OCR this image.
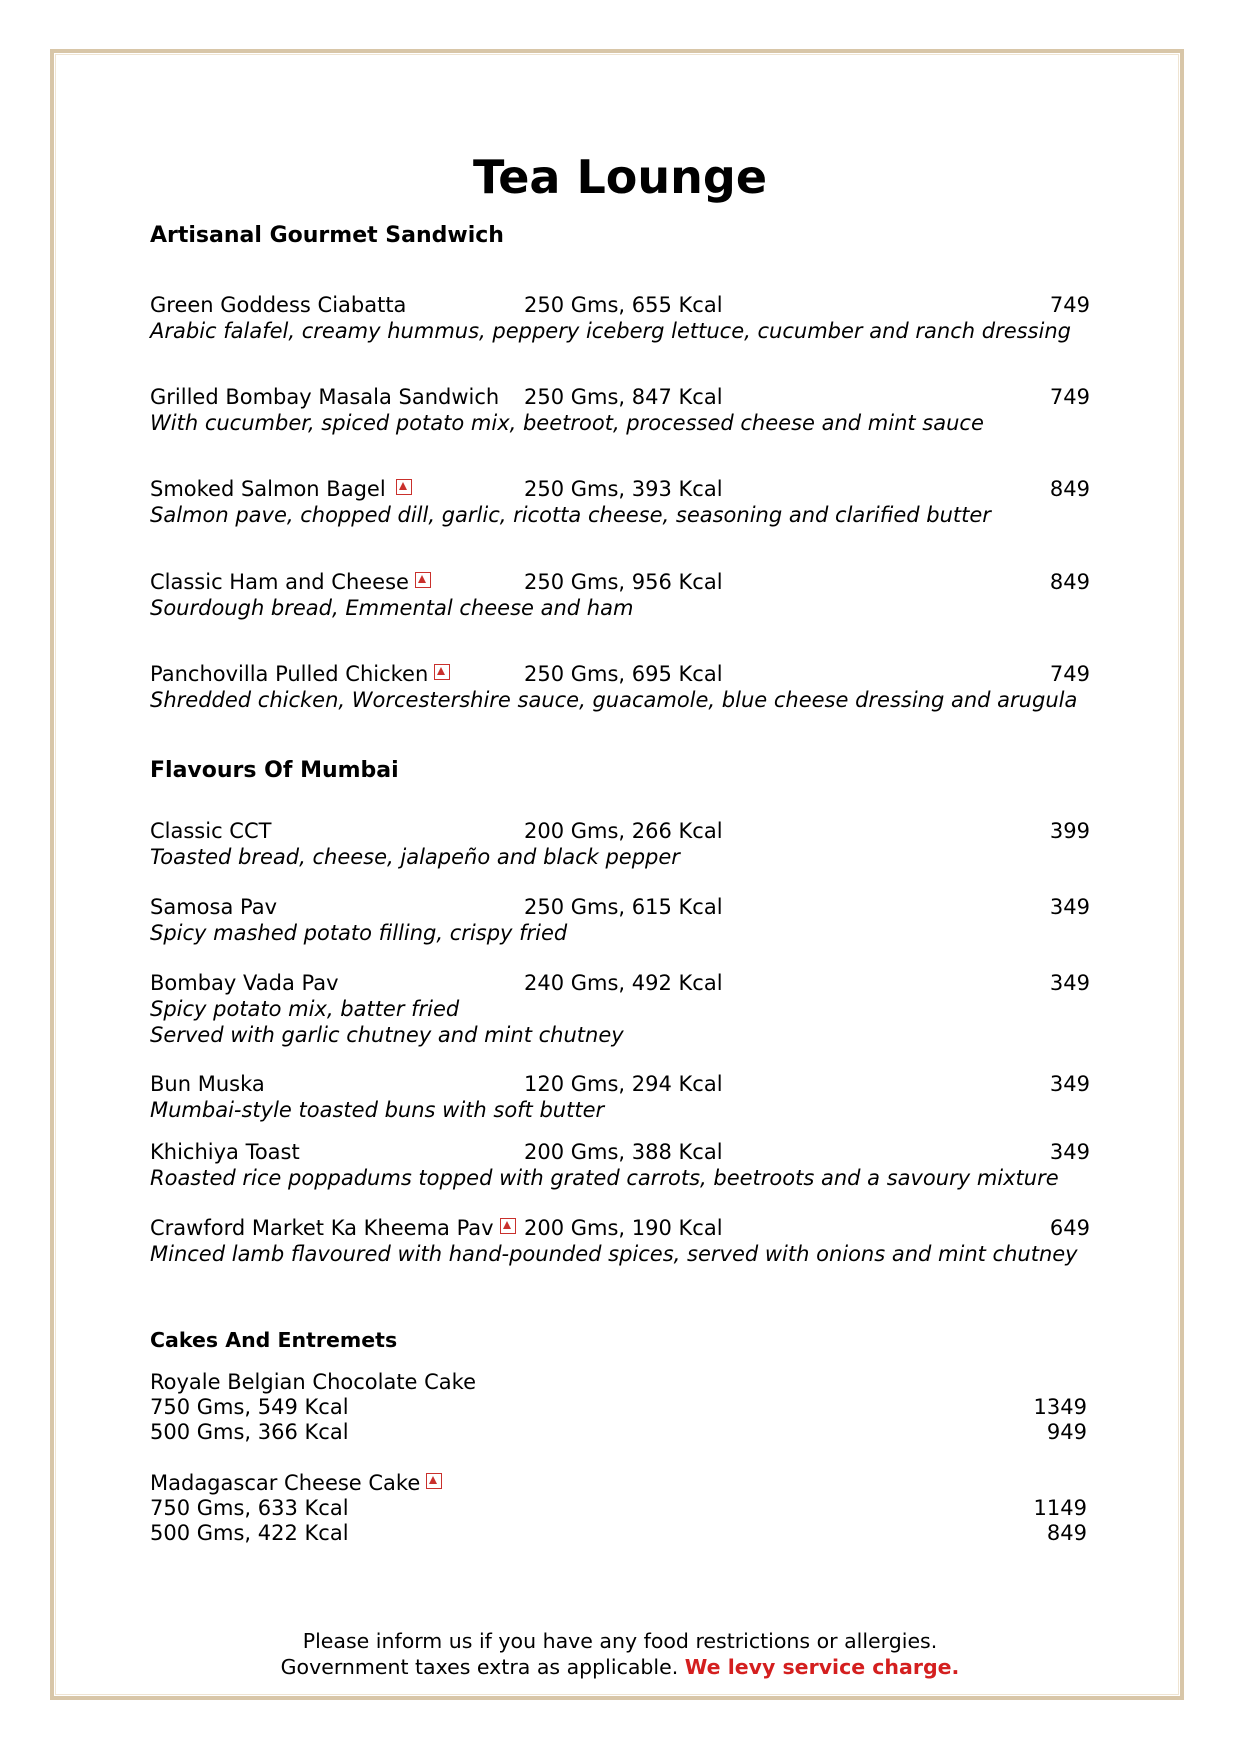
Tea Lounge
Artisanal Gourmet Sandwich
Green Goddess Ciabatta	250 Gms, 655 Kcal	749
Arabic falafel, creamy hummus, peppery iceberg lettuce, cucumber and ranch dressing
Grilled Bombay Masala Sandwich 250 Gms, 847 Kcal	749
With cucumber, spiced potato mix, beetroot, processed cheese and mint sauce
Smoked Salmon Bagel	250 Gms, 393 Kcal	849
Salmon pave, chopped dill, garlic, ricotta cheese, seasoning and clarified butter
Classic Ham and Cheese	250 Gms, 956 Kcal	849
Sourdough bread, Emmental cheese and ham
Panchovilla Pulled Chicken	250 Gms, 695 Kcal	749
Shredded chicken, Worcestershire sauce, guacamole, blue cheese dressing and arugula
Flavours Of Mumbai
Classic CCT	200 Gms, 266 Kcal	399
Toasted bread, cheese, jalapeño and black pepper
Samosa Pav	250 Gms, 615 Kcal	349
Spicy mashed potato filling, crispy fried
Bombay Vada Pav	240 Gms, 492 Kcal	349
Spicy potato mix, batter fried
Served with garlic chutney and mint chutney
Bun Muska	120 Gms, 294 Kcal	349
Mumbai-style toasted buns with soft butter
Khichiya Toast	200 Gms, 388 Kcal	349
Roasted rice poppadums topped with grated carrots, beetroots and a savoury mixture
Crawford Market Ka Kheema Pav	200 Gms, 190 Kcal	649
Minced lamb flavoured with hand-pounded spices, served with onions and mint chutney
Cakes And Entremets
Royale Belgian Chocolate Cake
750 Gms, 549 Kcal	1349
500 Gms, 366 Kcal	949
Madagascar Cheese Cake
750 Gms, 633 Kcal	1149
500 Gms, 422 Kcal	849
Please inform us if you have any food restrictions or allergies.
Government taxes extra as applicable. We levy service charge.
